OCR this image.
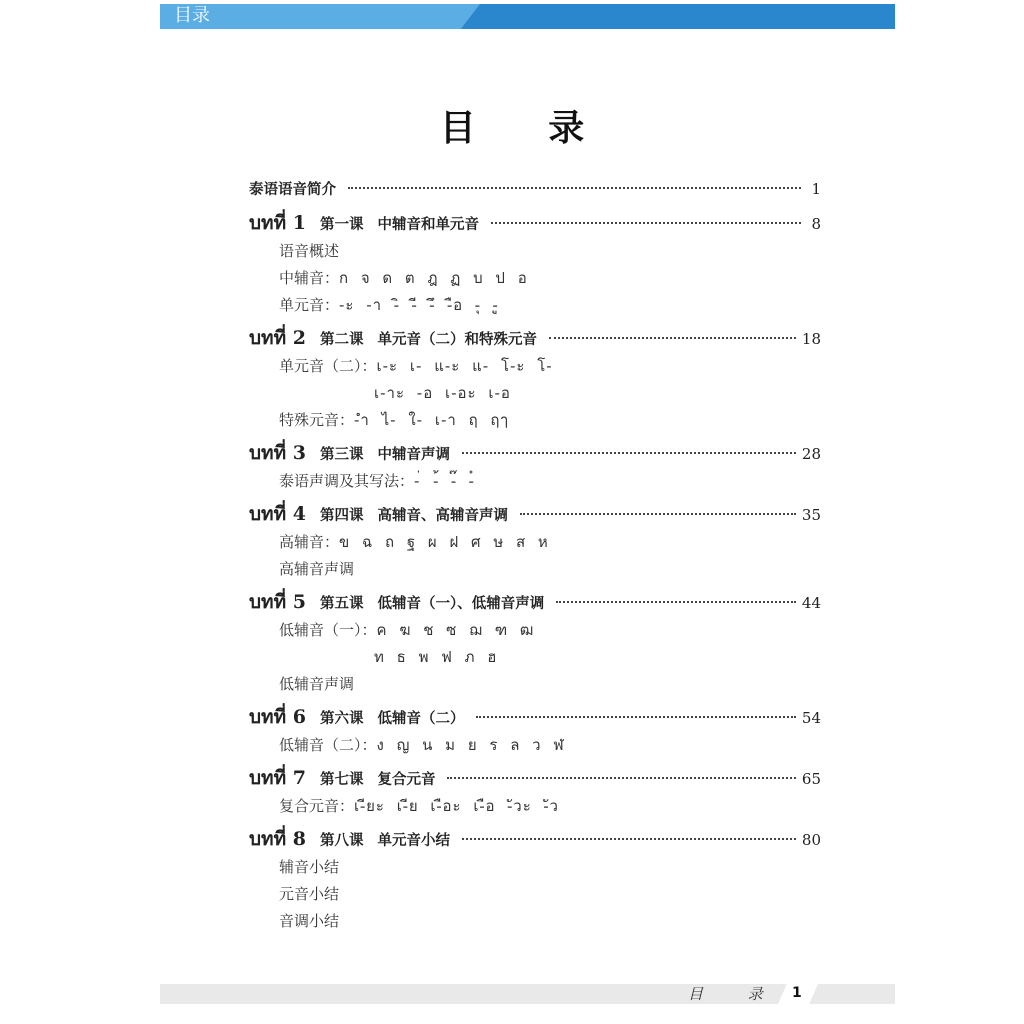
目录
目 录
泰语语音简介	1
บทที่ 1 第一课 中辅音和单元音	8
语音概述
中辅音：ก จ ด ต ฎ ฏ บ ป อ
单元音：-ะ -า -ิ -ี -ึ -ือ -ุ -ู
บทที่ 2 第二课 单元音（二）和特殊元音	18
单元音（二）：เ-ะ เ- แ-ะ แ- โ-ะ โ-
เ-าะ -อ เ-อะ เ-อ
特殊元音：-ำ ไ- ใ- เ-า ฤ ฤๅ
บทที่ 3 第三课 中辅音声调	28
泰语声调及其写法：-่ -้ -๊ -๋
บทที่ 4 第四课 高辅音、高辅音声调	35
高辅音：ข ฉ ถ ฐ ผ ฝ ศ ษ ส ห
高辅音声调
บทที่ 5 第五课 低辅音（一）、低辅音声调	44
低辅音（一）：ค ฆ ช ซ ฌ ฑ ฒ
ท ธ พ ฟ ภ ฮ
低辅音声调
บทที่ 6 第六课 低辅音（二）	54
低辅音（二）：ง ญ น ม ย ร ล ว ฬ
บทที่ 7 第七课 复合元音	65
复合元音：เ-ียะ เ-ีย เ-ือะ เ-ือ -ัวะ -ัว
บทที่ 8 第八课 单元音小结	80
辅音小结
元音小结
音调小结
目 录 1
